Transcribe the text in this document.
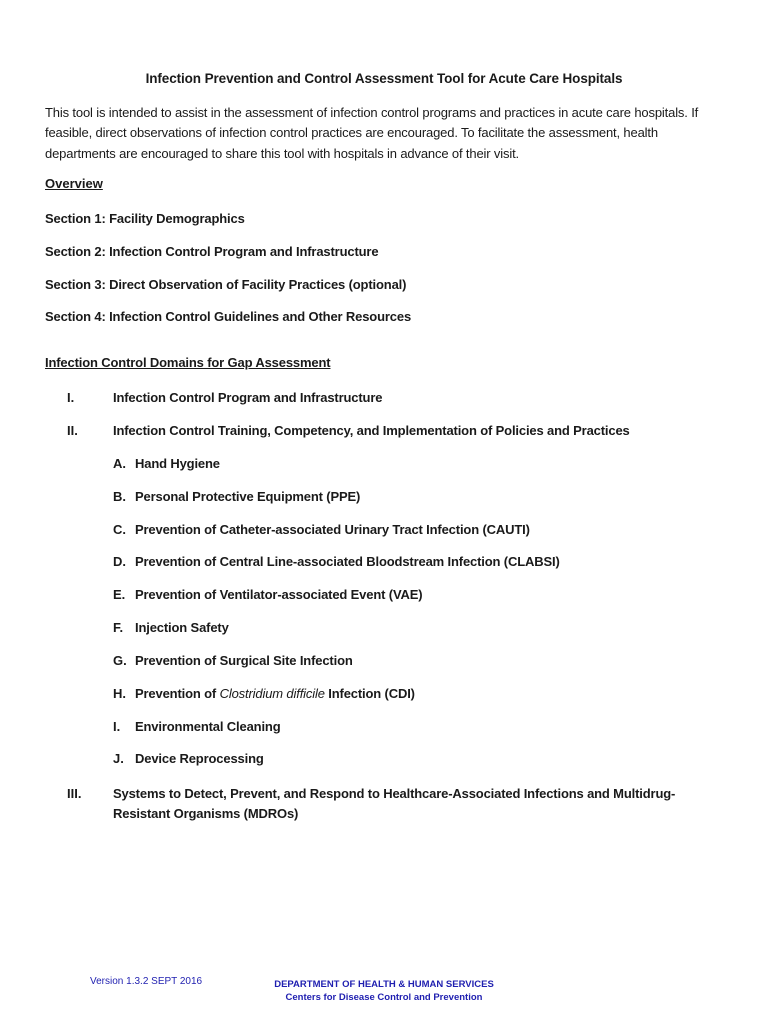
Infection Prevention and Control Assessment Tool for Acute Care Hospitals
This tool is intended to assist in the assessment of infection control programs and practices in acute care hospitals. If feasible, direct observations of infection control practices are encouraged. To facilitate the assessment, health departments are encouraged to share this tool with hospitals in advance of their visit.
Overview
Section 1: Facility Demographics
Section 2: Infection Control Program and Infrastructure
Section 3: Direct Observation of Facility Practices (optional)
Section 4: Infection Control Guidelines and Other Resources
Infection Control Domains for Gap Assessment
I.	Infection Control Program and Infrastructure
II.	Infection Control Training, Competency, and Implementation of Policies and Practices
A. Hand Hygiene
B. Personal Protective Equipment (PPE)
C. Prevention of Catheter-associated Urinary Tract Infection (CAUTI)
D. Prevention of Central Line-associated Bloodstream Infection (CLABSI)
E. Prevention of Ventilator-associated Event (VAE)
F. Injection Safety
G. Prevention of Surgical Site Infection
H. Prevention of Clostridium difficile Infection (CDI)
I. Environmental Cleaning
J. Device Reprocessing
III. Systems to Detect, Prevent, and Respond to Healthcare-Associated Infections and Multidrug-Resistant Organisms (MDROs)
Version 1.3.2 SEPT 2016	DEPARTMENT OF HEALTH & HUMAN SERVICES
Centers for Disease Control and Prevention
